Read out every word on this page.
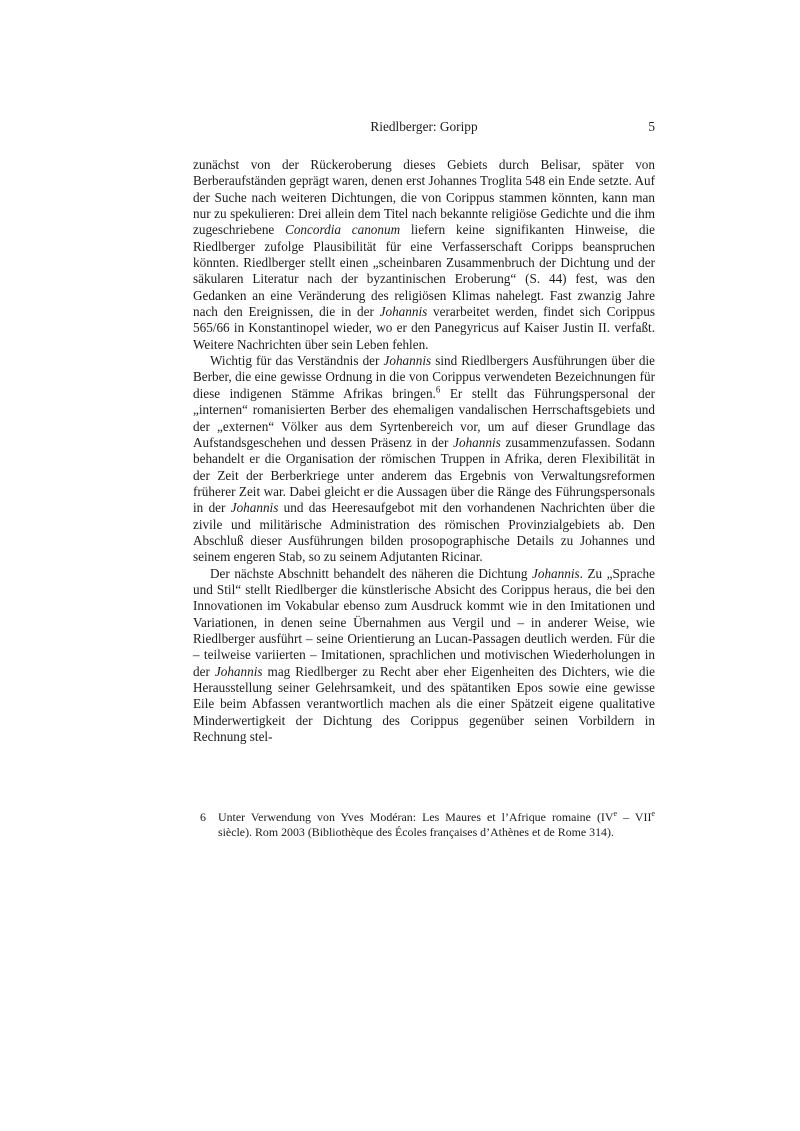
Riedlberger: Goripp	5

zunächst von der Rückeroberung dieses Gebiets durch Belisar, später von Berberaufständen geprägt waren, denen erst Johannes Troglita 548 ein Ende setzte. Auf der Suche nach weiteren Dichtungen, die von Corippus stammen könnten, kann man nur zu spekulieren: Drei allein dem Titel nach bekannte religiöse Gedichte und die ihm zugeschriebene Concordia canonum liefern keine signifikanten Hinweise, die Riedlberger zufolge Plausibilität für eine Verfasserschaft Coripps beanspruchen könnten. Riedlberger stellt einen „scheinbaren Zusammenbruch der Dichtung und der säkularen Literatur nach der byzantinischen Eroberung“ (S. 44) fest, was den Gedanken an eine Veränderung des religiösen Klimas nahelegt. Fast zwanzig Jahre nach den Ereignissen, die in der Johannis verarbeitet werden, findet sich Corippus 565/66 in Konstantinopel wieder, wo er den Panegyricus auf Kaiser Justin II. verfaßt. Weitere Nachrichten über sein Leben fehlen.

Wichtig für das Verständnis der Johannis sind Riedlbergers Ausführungen über die Berber, die eine gewisse Ordnung in die von Corippus verwendeten Bezeichnungen für diese indigenen Stämme Afrikas bringen.$^6$ Er stellt das Führungspersonal der „internen“ romanisierten Berber des ehemaligen vandalischen Herrschaftsgebiets und der „externen“ Völker aus dem Syrtenbereich vor, um auf dieser Grundlage das Aufstandsgeschehen und dessen Präsenz in der Johannis zusammenzufassen. Sodann behandelt er die Organisation der römischen Truppen in Afrika, deren Flexibilität in der Zeit der Berberkriege unter anderem das Ergebnis von Verwaltungsreformen früherer Zeit war. Dabei gleicht er die Aussagen über die Ränge des Führungspersonals in der Johannis und das Heeresaufgebot mit den vorhandenen Nachrichten über die zivile und militärische Administration des römischen Provinzialgebiets ab. Den Abschluß dieser Ausführungen bilden prosopographische Details zu Johannes und seinem engeren Stab, so zu seinem Adjutanten Ricinar.

Der nächste Abschnitt behandelt des näheren die Dichtung Johannis. Zu „Sprache und Stil“ stellt Riedlberger die künstlerische Absicht des Corippus heraus, die bei den Innovationen im Vokabular ebenso zum Ausdruck kommt wie in den Imitationen und Variationen, in denen seine Übernahmen aus Vergil und – in anderer Weise, wie Riedlberger ausführt – seine Orientierung an Lucan-Passagen deutlich werden. Für die – teilweise variierten – Imitationen, sprachlichen und motivischen Wiederholungen in der Johannis mag Riedlberger zu Recht aber eher Eigenheiten des Dichters, wie die Herausstellung seiner Gelehrsamkeit, und des spätantiken Epos sowie eine gewisse Eile beim Abfassen verantwortlich machen als die einer Spätzeit eigene qualitative Minderwertigkeit der Dichtung des Corippus gegenüber seinen Vorbildern in Rechnung stel-

6 Unter Verwendung von Yves Modéran: Les Maures et l’Afrique romaine (IVe – VIIe siècle). Rom 2003 (Bibliothèque des Écoles françaises d’Athènes et de Rome 314).
